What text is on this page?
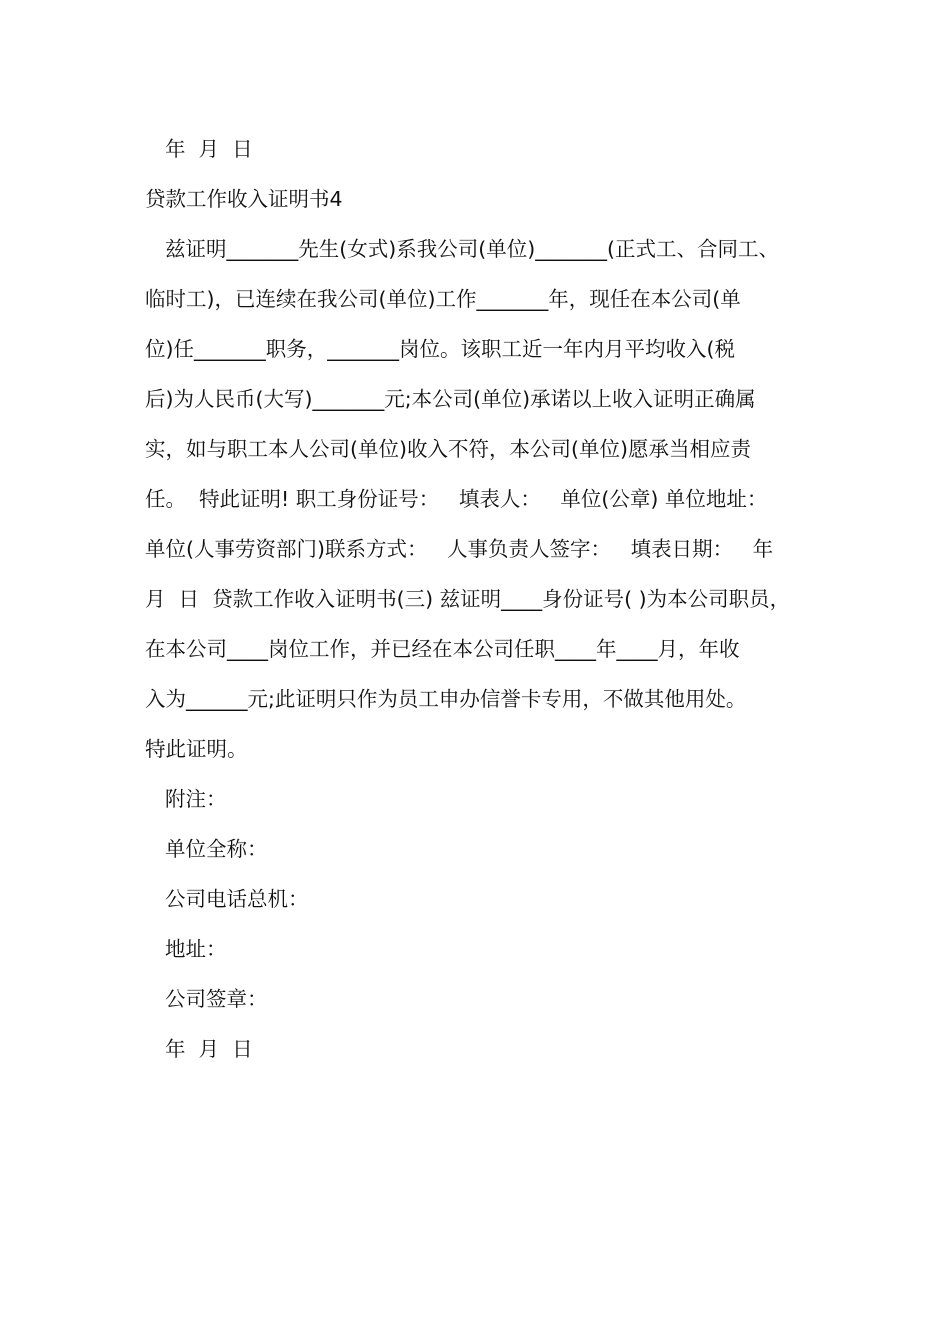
年  月  日
贷款工作收入证明书4
兹证明_______先生(女式)系我公司(单位)_______(正式工、合同工、
临时工)，已连续在我公司(单位)工作_______年，现任在本公司(单
位)任_______职务，_______岗位。该职工近一年内月平均收入(税
后)为人民币(大写)_______元;本公司(单位)承诺以上收入证明正确属
实，如与职工本人公司(单位)收入不符，本公司(单位)愿承当相应责
任。  特此证明! 职工身份证号：   填表人：   单位(公章) 单位地址：
单位(人事劳资部门)联系方式：   人事负责人签字：   填表日期：   年
月  日  贷款工作收入证明书(三) 兹证明____身份证号( )为本公司职员，
在本公司____岗位工作，并已经在本公司任职____年____月，年收
入为______元;此证明只作为员工申办信誉卡专用，不做其他用处。
特此证明。
附注：
单位全称：
公司电话总机：
地址：
公司签章：
年  月  日
